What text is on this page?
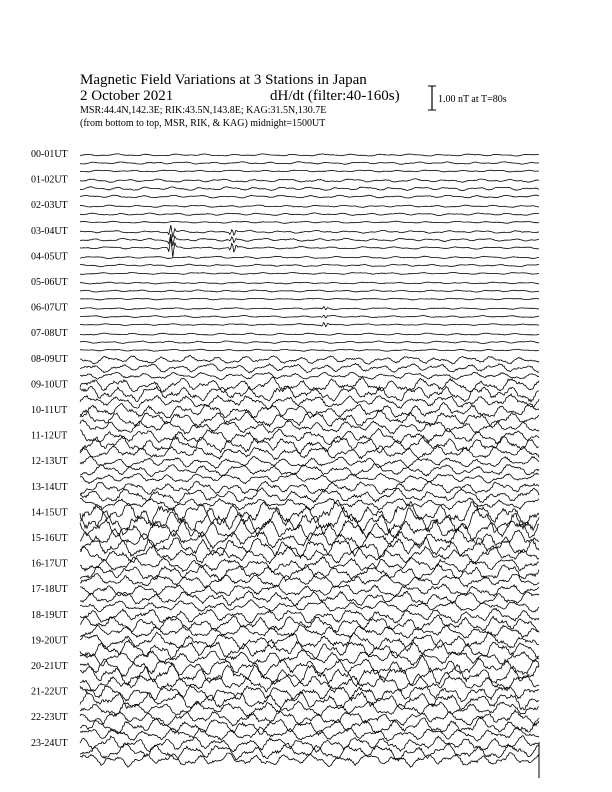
Magnetic Field Variations at 3 Stations in Japan
2 October 2021	dH/dt (filter:40-160s)
MSR:44.4N,142.3E; RIK:43.5N,143.8E; KAG:31.5N,130.7E
(from bottom to top, MSR, RIK, & KAG) midnight=1500UT
1.00 nT at T=80s
00-01UT
01-02UT
02-03UT
03-04UT
04-05UT
05-06UT
06-07UT
07-08UT
08-09UT
09-10UT
10-11UT
11-12UT
12-13UT
13-14UT
14-15UT
15-16UT
16-17UT
17-18UT
18-19UT
19-20UT
20-21UT
21-22UT
22-23UT
23-24UT
